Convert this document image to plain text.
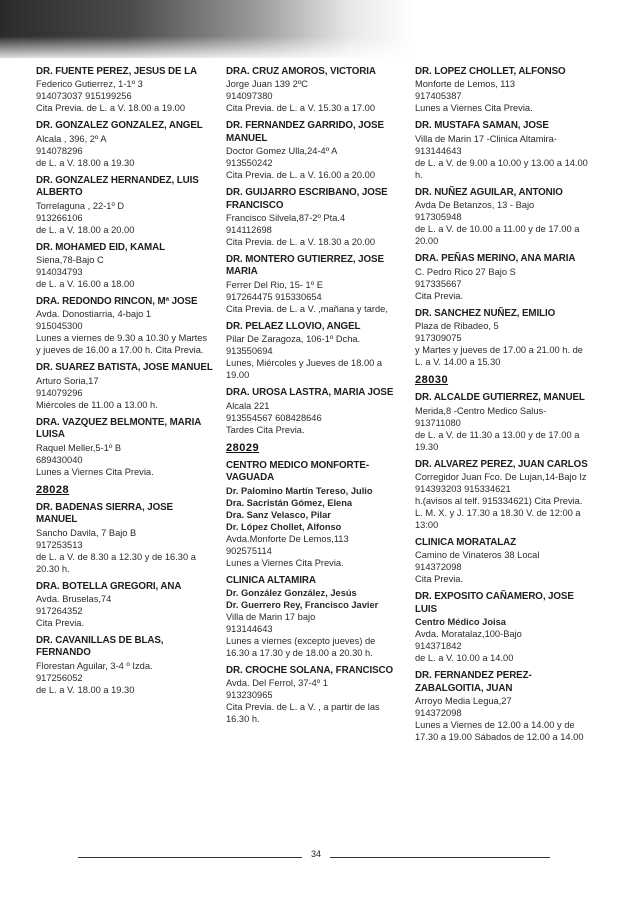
DR. FUENTE PEREZ, JESUS DE LA
Federico Gutierrez, 1-1º 3
914073037 915199256
Cita Previa. de L. a V. 18.00 a 19.00
DR. GONZALEZ GONZALEZ, ANGEL
Alcala , 396, 2º A
914078296
de L. a V. 18.00 a 19.30
DR. GONZALEZ HERNANDEZ, LUIS ALBERTO
Torrelaguna , 22-1º D
913266106
de L. a V. 18.00 a 20.00
DR. MOHAMED EID, KAMAL
Siena,78-Bajo C
914034793
de L. a V. 16.00 a 18.00
DRA. REDONDO RINCON, Mª JOSE
Avda. Donostiarria, 4-bajo 1
915045300
Lunes a viernes de 9.30 a 10.30 y Martes y jueves de 16.00 a 17.00 h. Cita Previa.
DR. SUAREZ BATISTA, JOSE MANUEL
Arturo Soria,17
914079296
Miércoles de 11.00 a 13.00 h.
DRA. VAZQUEZ BELMONTE, MARIA LUISA
Raquel Meller,5-1º B
689430040
Lunes a Viernes Cita Previa.
28028
DR. BADENAS SIERRA, JOSE MANUEL
Sancho Davila, 7 Bajo B
917253513
de L. a V. de 8.30 a 12.30 y de 16.30 a 20.30 h.
DRA. BOTELLA GREGORI, ANA
Avda. Bruselas,74
917264352
Cita Previa.
DR. CAVANILLAS DE BLAS, FERNANDO
Florestan Aguilar, 3-4 º Izda.
917256052
de L. a V. 18.00 a 19.30
DRA. CRUZ AMOROS, VICTORIA
Jorge Juan 139 2ºC
914097380
Cita Previa. de L. a V. 15.30 a 17.00
DR. FERNANDEZ GARRIDO, JOSE MANUEL
Doctor Gomez Ulla,24-4º A
913550242
Cita Previa. de L. a V. 16.00 a 20.00
DR. GUIJARRO ESCRIBANO, JOSE FRANCISCO
Francisco Silvela,87-2º Pta.4
914112698
Cita Previa. de L. a V. 18.30 a 20.00
DR. MONTERO GUTIERREZ, JOSE MARIA
Ferrer Del Rio, 15- 1º E
917264475 915330654
Cita Previa. de L. a V. ,mañana y tarde,
DR. PELAEZ LLOVIO, ANGEL
Pilar De Zaragoza, 106-1º Dcha.
913550694
Lunes, Miércoles y Jueves de 18.00 a 19.00
DRA. UROSA LASTRA, MARIA JOSE
Alcala 221
913554567 608428646
Tardes Cita Previa.
28029
CENTRO MEDICO MONFORTE-VAGUADA
Dr. Palomino Martín Tereso, Julio
Dra. Sacristán Gómez, Elena
Dra. Sanz Velasco, Pilar
Dr. López Chollet, Alfonso
Avda.Monforte De Lemos,113
902575114
Lunes a Viernes Cita Previa.
CLINICA ALTAMIRA
Dr. González González, Jesús
Dr. Guerrero Rey, Francisco Javier
Villa de Marin 17 bajo
913144643
Lunes a viernes (excepto jueves) de 16.30 a 17.30 y de 18.00 a 20.30 h.
DR. CROCHE SOLANA, FRANCISCO
Avda. Del Ferrol, 37-4º 1
913230965
Cita Previa. de L. a V. , a partir de las 16.30 h.
DR. LOPEZ CHOLLET, ALFONSO
Monforte de Lemos, 113
917405387
Lunes a Viernes Cita Previa.
DR. MUSTAFA SAMAN, JOSE
Villa de Marin 17 -Clinica Altamira-
913144643
de L. a V. de 9.00 a 10.00 y 13.00 a 14.00 h.
DR. NUÑEZ AGUILAR, ANTONIO
Avda De Betanzos, 13 - Bajo
917305948
de L. a V. de 10.00 a 11.00 y de 17.00 a 20.00
DRA. PEÑAS MERINO, ANA MARIA
C. Pedro Rico 27 Bajo S
917335667
Cita Previa.
DR. SANCHEZ NUÑEZ, EMILIO
Plaza de Ribadeo, 5
917309075
y Martes y jueves de 17.00 a 21.00 h. de L. a V. 14.00 a 15.30
28030
DR. ALCALDE GUTIERREZ, MANUEL
Merida,8 -Centro Medico Salus-
913711080
de L. a V. de 11.30 a 13.00 y de 17.00 a 19.30
DR. ALVAREZ PEREZ, JUAN CARLOS
Corregidor Juan Fco. De Lujan,14-Bajo Iz
914393203 915334621
h.(avisos al telf. 915334621) Cita Previa.
L. M. X. y J. 17.30 a 18.30 V. de 12:00 a 13:00
CLINICA MORATALAZ
Camino de Vinateros 38 Local
914372098
Cita Previa.
DR. EXPOSITO CAÑAMERO, JOSE LUIS
Centro Médico Joisa
Avda. Moratalaz,100-Bajo
914371842
de L. a V. 10.00 a 14.00
DR. FERNANDEZ PEREZ-ZABALGOITIA, JUAN
Arroyo Media Legua,27
914372098
Lunes a Viernes de 12.00 a 14.00 y de 17.30 a 19.00 Sábados de 12.00 a 14.00
34
